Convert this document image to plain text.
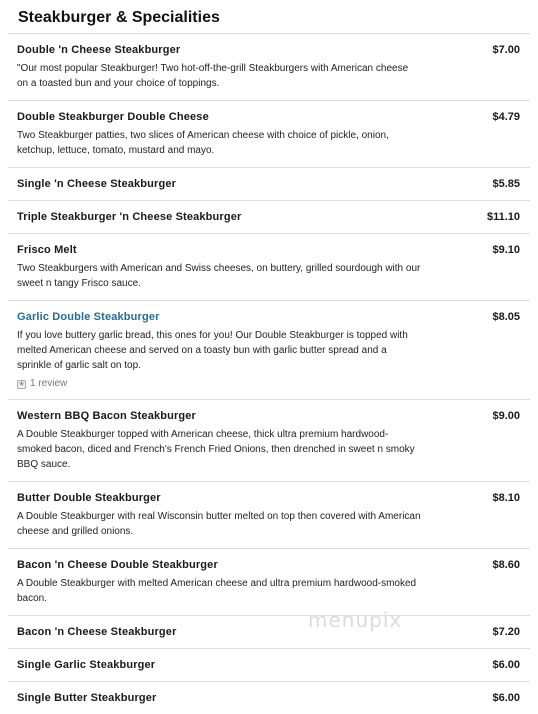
Steakburger & Specialities
Double 'n Cheese Steakburger	$7.00
"Our most popular Steakburger! Two hot-off-the-grill Steakburgers with American cheese on a toasted bun and your choice of toppings.
Double Steakburger Double Cheese	$4.79
Two Steakburger patties, two slices of American cheese with choice of pickle, onion, ketchup, lettuce, tomato, mustard and mayo.
Single 'n Cheese Steakburger	$5.85
Triple Steakburger 'n Cheese Steakburger	$11.10
Frisco Melt	$9.10
Two Steakburgers with American and Swiss cheeses, on buttery, grilled sourdough with our sweet n tangy Frisco sauce.
Garlic Double Steakburger	$8.05
If you love buttery garlic bread, this ones for you! Our Double Steakburger is topped with melted American cheese and served on a toasty bun with garlic butter spread and a sprinkle of garlic salt on top.
★
1 review
Western BBQ Bacon Steakburger	$9.00
A Double Steakburger topped with American cheese, thick ultra premium hardwood-smoked bacon, diced and French's French Fried Onions, then drenched in sweet n smoky BBQ sauce.
Butter Double Steakburger	$8.10
A Double Steakburger with real Wisconsin butter melted on top then covered with American cheese and grilled onions.
Bacon 'n Cheese Double Steakburger	$8.60
A Double Steakburger with melted American cheese and ultra premium hardwood-smoked bacon.
Bacon 'n Cheese Steakburger	$7.20
Single Garlic Steakburger	$6.00
Single Butter Steakburger	$6.00
menupix
